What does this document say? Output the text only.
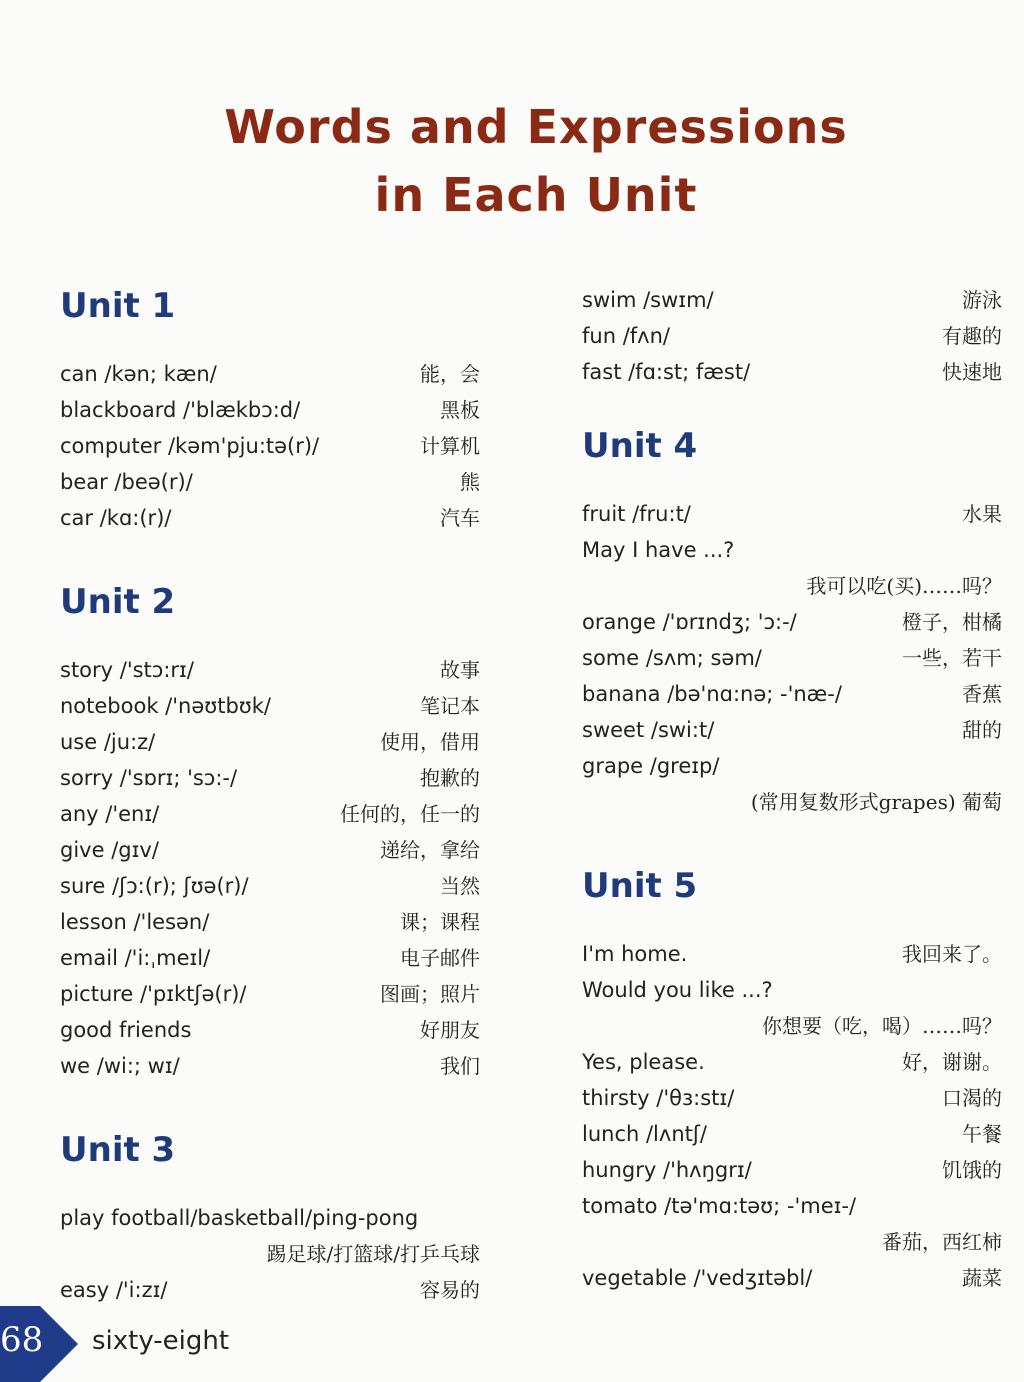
Words and Expressions
in Each Unit
Unit 1
can /kən; kæn/	能，会
blackboard /'blækbɔ:d/	黑板
computer /kəm'pju:tə(r)/	计算机
bear /beə(r)/	熊
car /kɑ:(r)/	汽车
Unit 2
story /'stɔ:rɪ/	故事
notebook /'nəʊtbʊk/	笔记本
use /ju:z/	使用，借用
sorry /'sɒrɪ; 'sɔ:-/	抱歉的
any /'enɪ/	任何的，任一的
give /gɪv/	递给，拿给
sure /ʃɔ:(r); ʃʊə(r)/	当然
lesson /'lesən/	课；课程
email /'i:ˌmeɪl/	电子邮件
picture /'pɪktʃə(r)/	图画；照片
good friends	好朋友
we /wi:; wɪ/	我们
Unit 3
play football/basketball/ping-pong
踢足球/打篮球/打乒乓球
easy /'i:zɪ/	容易的
swim /swɪm/	游泳
fun /fʌn/	有趣的
fast /fɑ:st; fæst/	快速地
Unit 4
fruit /fru:t/	水果
May I have ...?
我可以吃(买)……吗？
orange /'ɒrɪndʒ; 'ɔ:-/	橙子，柑橘
some /sʌm; səm/	一些，若干
banana /bə'nɑ:nə; -'næ-/	香蕉
sweet /swi:t/	甜的
grape /greɪp/
(常用复数形式grapes) 葡萄
Unit 5
I'm home.	我回来了。
Would you like ...?
你想要（吃，喝）……吗？
Yes, please.	好，谢谢。
thirsty /'θɜ:stɪ/	口渴的
lunch /lʌntʃ/	午餐
hungry /'hʌŋgrɪ/	饥饿的
tomato /tə'mɑ:təʊ; -'meɪ-/
番茄，西红柿
vegetable /'vedʒɪtəbl/	蔬菜
68 sixty-eight
